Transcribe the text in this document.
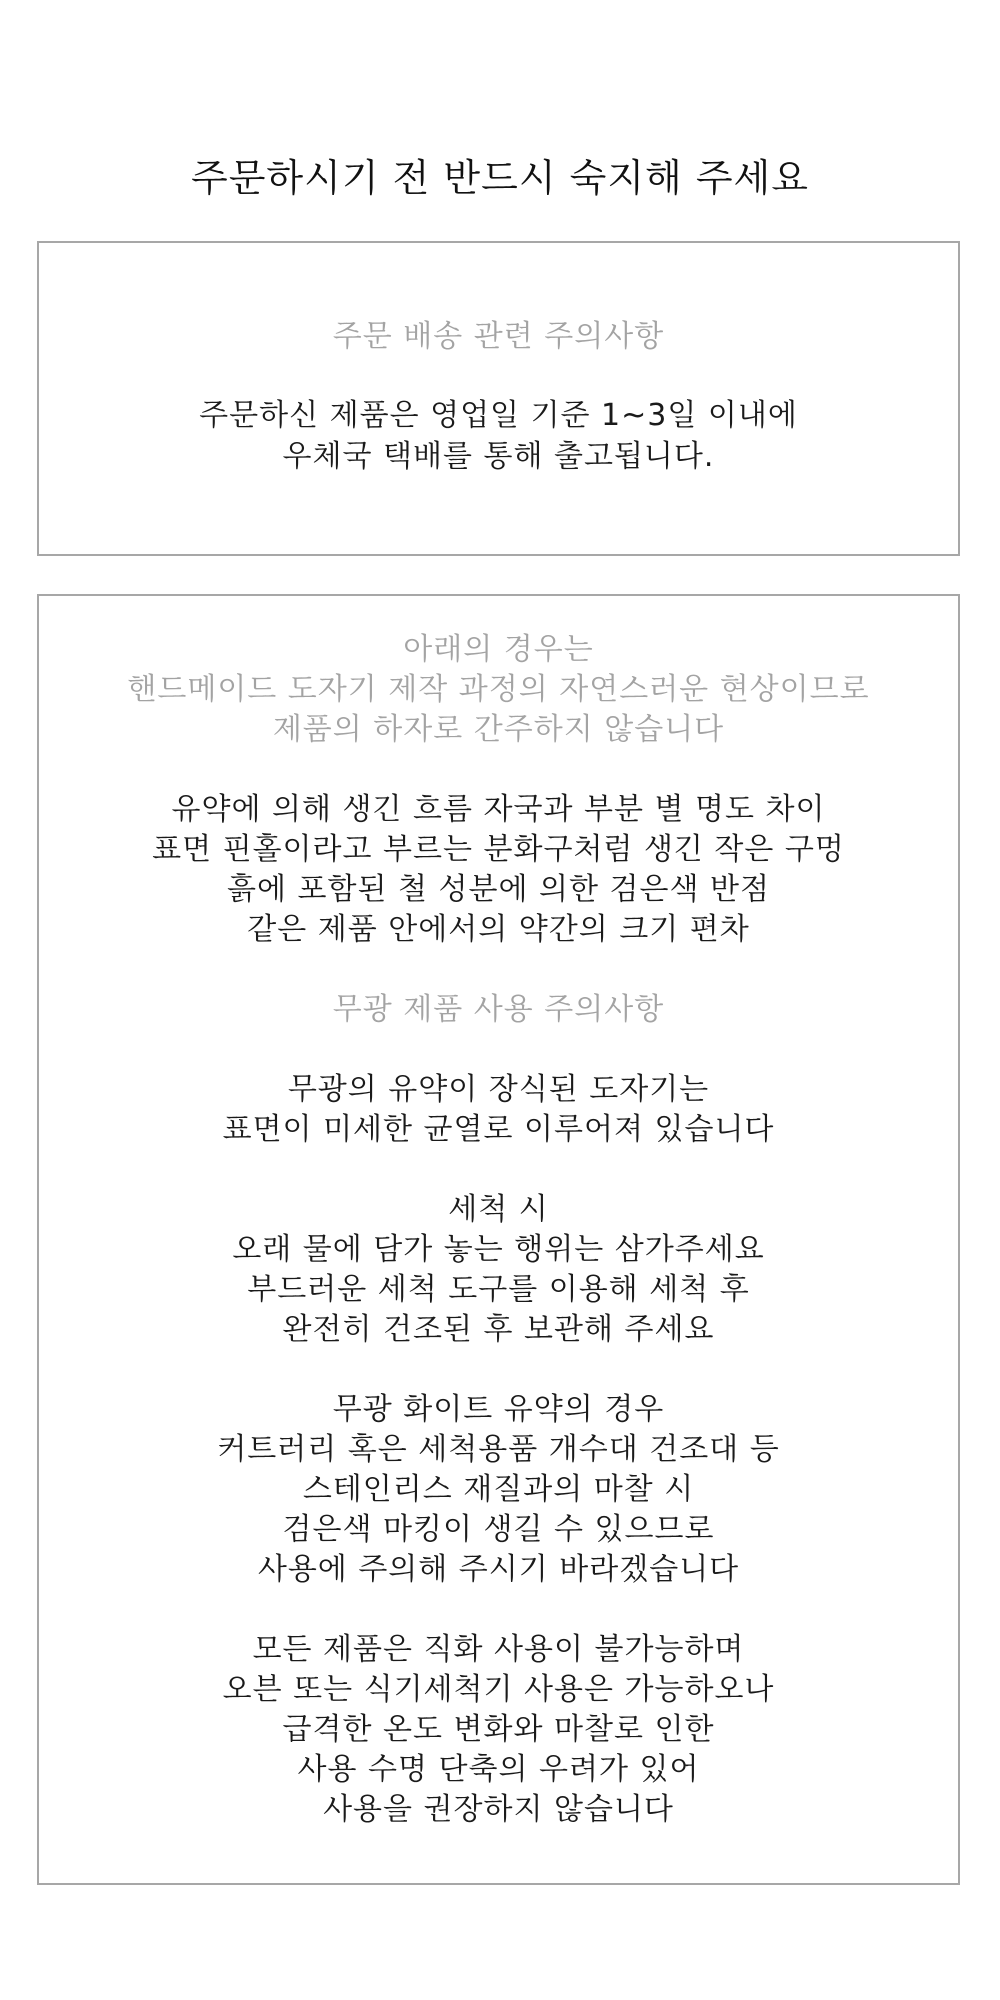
주문하시기 전 반드시 숙지해 주세요
주문 배송 관련 주의사항
주문하신 제품은 영업일 기준 1~3일 이내에
우체국 택배를 통해 출고됩니다.
아래의 경우는
핸드메이드 도자기 제작 과정의 자연스러운 현상이므로
제품의 하자로 간주하지 않습니다
유약에 의해 생긴 흐름 자국과 부분 별 명도 차이
표면 핀홀이라고 부르는 분화구처럼 생긴 작은 구멍
흙에 포함된 철 성분에 의한 검은색 반점
같은 제품 안에서의 약간의 크기 편차
무광 제품 사용 주의사항
무광의 유약이 장식된 도자기는
표면이 미세한 균열로 이루어져 있습니다
세척 시
오래 물에 담가 놓는 행위는 삼가주세요
부드러운 세척 도구를 이용해 세척 후
완전히 건조된 후 보관해 주세요
무광 화이트 유약의 경우
커트러리 혹은 세척용품 개수대 건조대 등
스테인리스 재질과의 마찰 시
검은색 마킹이 생길 수 있으므로
사용에 주의해 주시기 바라겠습니다
모든 제품은 직화 사용이 불가능하며
오븐 또는 식기세척기 사용은 가능하오나
급격한 온도 변화와 마찰로 인한
사용 수명 단축의 우려가 있어
사용을 권장하지 않습니다
